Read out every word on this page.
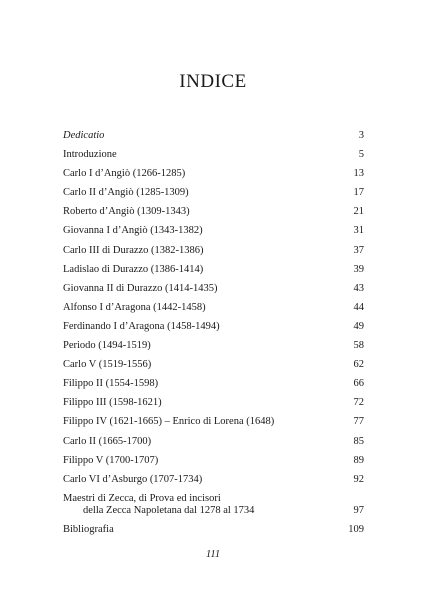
INDICE
Dedicatio	3
Introduzione	5
Carlo I d’Angiò (1266-1285)	13
Carlo II d’Angiò (1285-1309)	17
Roberto d’Angiò (1309-1343)	21
Giovanna I d’Angiò (1343-1382)	31
Carlo III di Durazzo (1382-1386)	37
Ladislao di Durazzo (1386-1414)	39
Giovanna II di Durazzo (1414-1435)	43
Alfonso I d’Aragona (1442-1458)	44
Ferdinando I d’Aragona (1458-1494)	49
Periodo (1494-1519)	58
Carlo V (1519-1556)	62
Filippo II (1554-1598)	66
Filippo III (1598-1621)	72
Filippo IV (1621-1665) – Enrico di Lorena (1648)	77
Carlo II (1665-1700)	85
Filippo V (1700-1707)	89
Carlo VI d’Asburgo (1707-1734)	92
Maestri di Zecca, di Prova ed incisori
della Zecca Napoletana dal 1278 al 1734	97
Bibliografia	109
111
